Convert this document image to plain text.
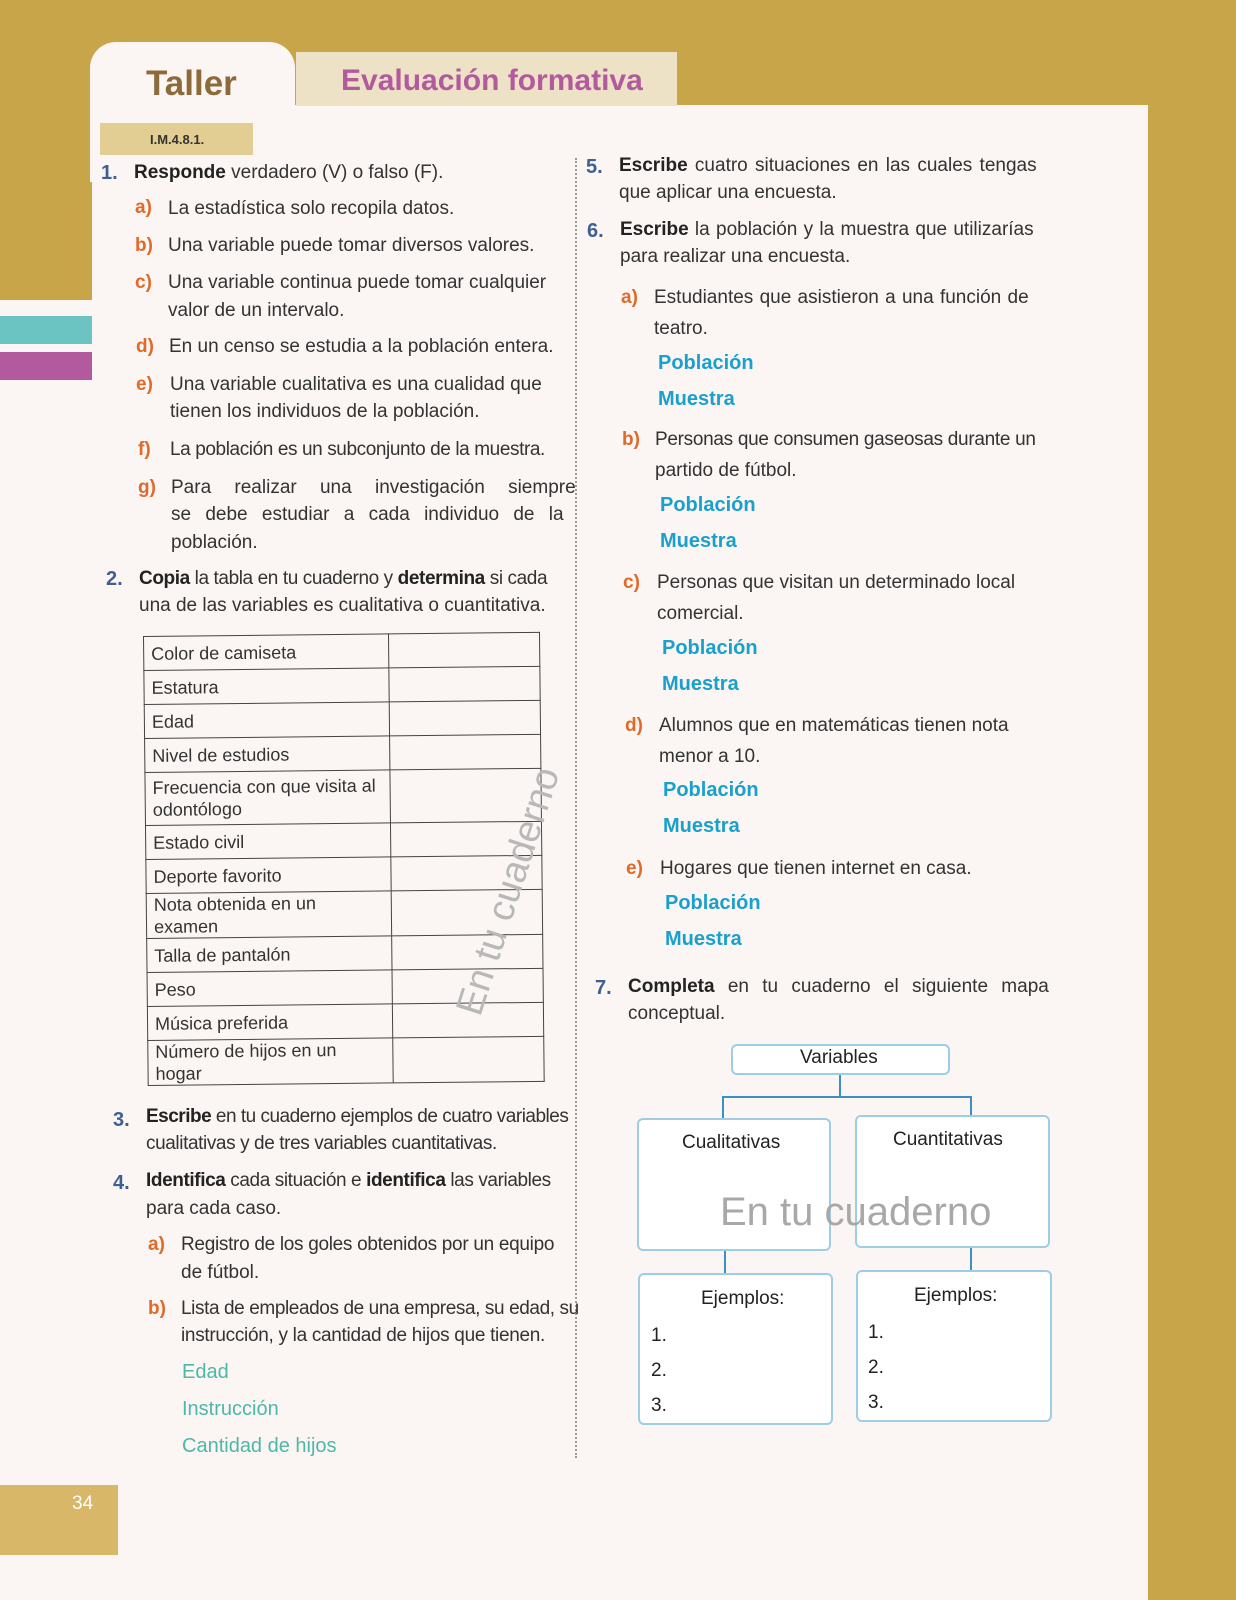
Taller	Evaluación formativa
I.M.4.8.1.
1. Responde verdadero (V) o falso (F).
a) La estadística solo recopila datos.
b) Una variable puede tomar diversos valores.
c) Una variable continua puede tomar cualquier
valor de un intervalo.
d) En un censo se estudia a la población entera.
e) Una variable cualitativa es una cualidad que
tienen los individuos de la población.
f) La población es un subconjunto de la muestra.
g) Para realizar una investigación siempre
se debe estudiar a cada individuo de la
población.
2. Copia la tabla en tu cuaderno y determina si cada
una de las variables es cualitativa o cuantitativa.
Color de camiseta	
Estatura	
Edad	
Nivel de estudios	
Frecuencia con que visita al
odontólogo	
Estado civil	
Deporte favorito	
Nota obtenida en un examen	
Talla de pantalón	
Peso	
Música preferida	
Número de hijos en un hogar	
En tu cuaderno
3. Escribe en tu cuaderno ejemplos de cuatro variables
cualitativas y de tres variables cuantitativas.
4. Identifica cada situación e identifica las variables
para cada caso.
a) Registro de los goles obtenidos por un equipo
de fútbol.
b) Lista de empleados de una empresa, su edad, su
instrucción, y la cantidad de hijos que tienen.
Edad
Instrucción
Cantidad de hijos
5. Escribe cuatro situaciones en las cuales tengas
que aplicar una encuesta.
6. Escribe la población y la muestra que utilizarías
para realizar una encuesta.
a) Estudiantes que asistieron a una función de
teatro.
Población
Muestra
b) Personas que consumen gaseosas durante un
partido de fútbol.
Población
Muestra
c) Personas que visitan un determinado local
comercial.
Población
Muestra
d) Alumnos que en matemáticas tienen nota
menor a 10.
Población
Muestra
e) Hogares que tienen internet en casa.
Población
Muestra
7. Completa en tu cuaderno el siguiente mapa
conceptual.
Variables
Cualitativas	Cuantitativas
En tu cuaderno
Ejemplos:
1.
2.
3.
Ejemplos:
1.
2.
3.
34
